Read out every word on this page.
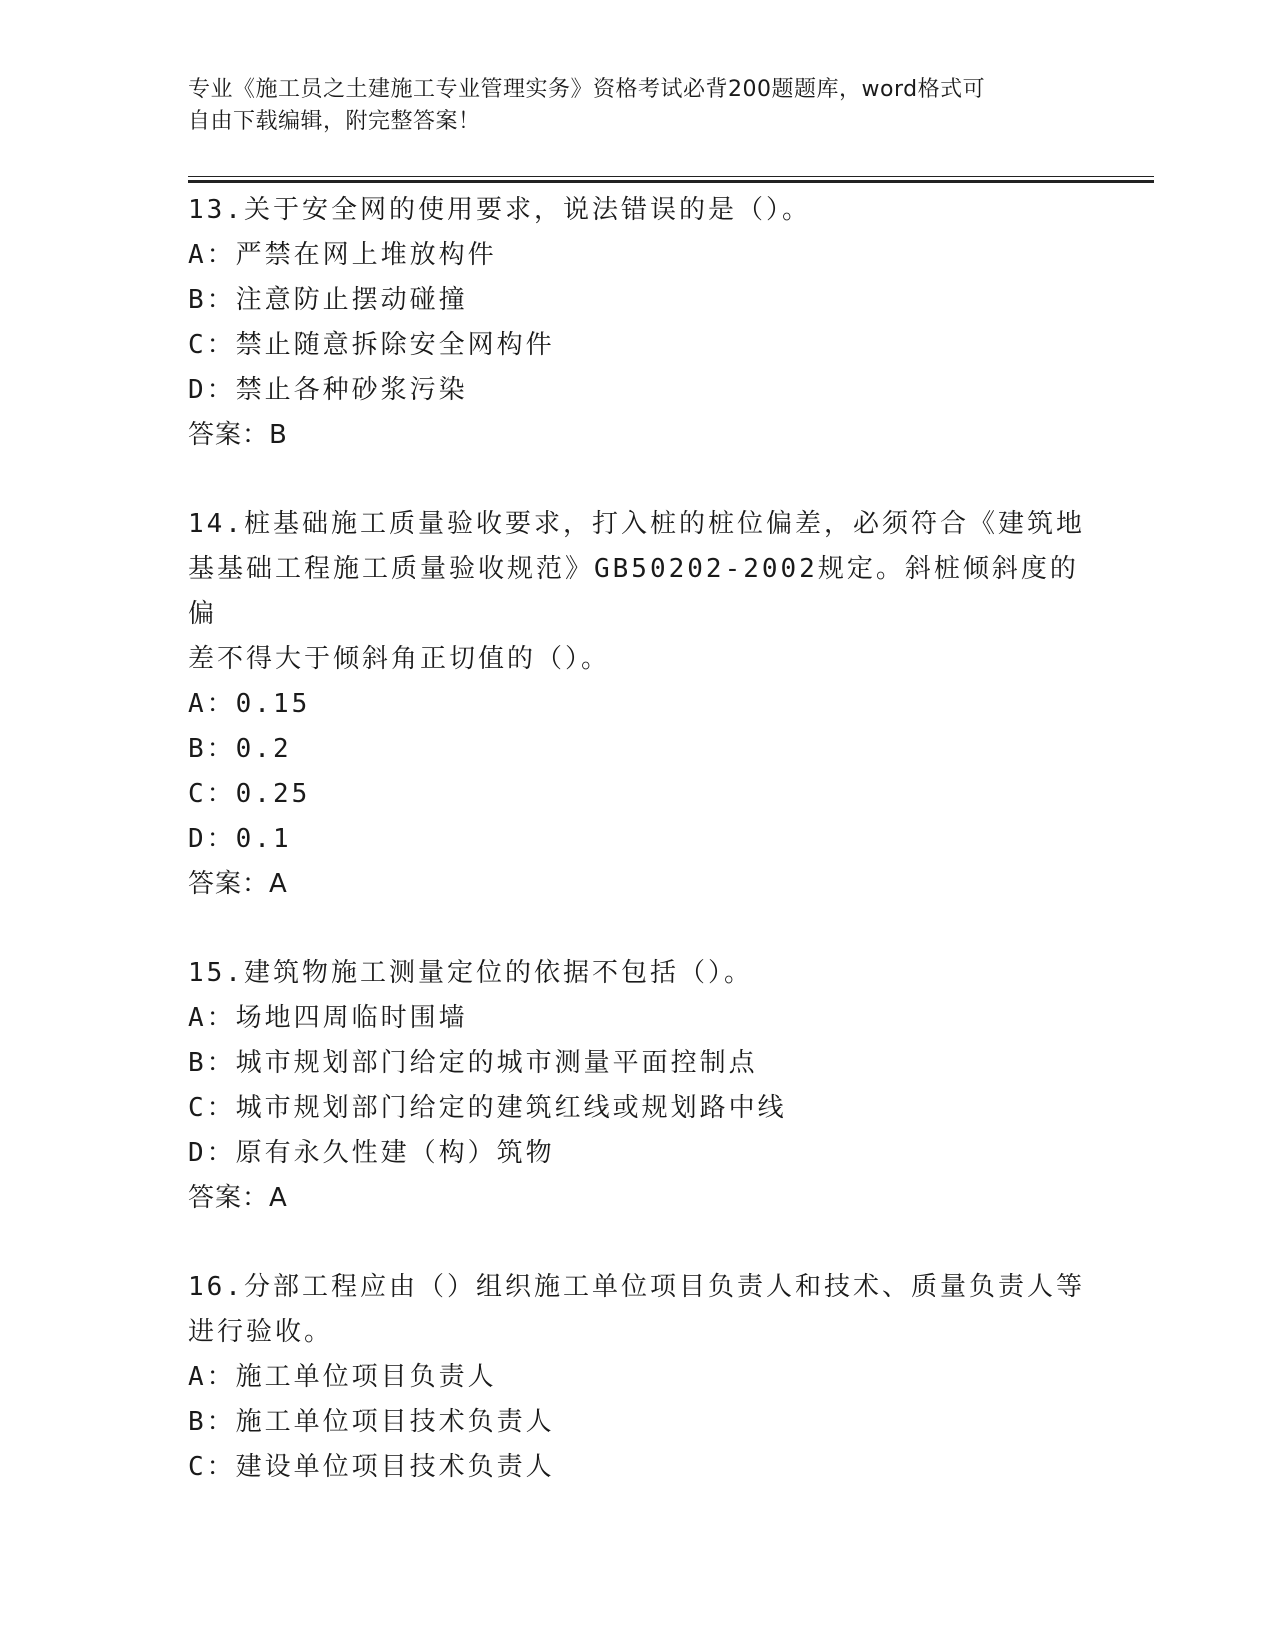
专业《施工员之土建施工专业管理实务》资格考试必背200题题库，word格式可

自由下载编辑，附完整答案！

13.关于安全网的使用要求，说法错误的是（）。

A：严禁在网上堆放构件

B：注意防止摆动碰撞

C：禁止随意拆除安全网构件

D：禁止各种砂浆污染

答案：B

14.桩基础施工质量验收要求，打入桩的桩位偏差，必须符合《建筑地

基基础工程施工质量验收规范》GB50202-2002规定。斜桩倾斜度的偏

差不得大于倾斜角正切值的（）。

A：0.15

B：0.2

C：0.25

D：0.1

答案：A

15.建筑物施工测量定位的依据不包括（）。

A：场地四周临时围墙

B：城市规划部门给定的城市测量平面控制点

C：城市规划部门给定的建筑红线或规划路中线

D：原有永久性建（构）筑物

答案：A

16.分部工程应由（）组织施工单位项目负责人和技术、质量负责人等

进行验收。

A：施工单位项目负责人

B：施工单位项目技术负责人

C：建设单位项目技术负责人
